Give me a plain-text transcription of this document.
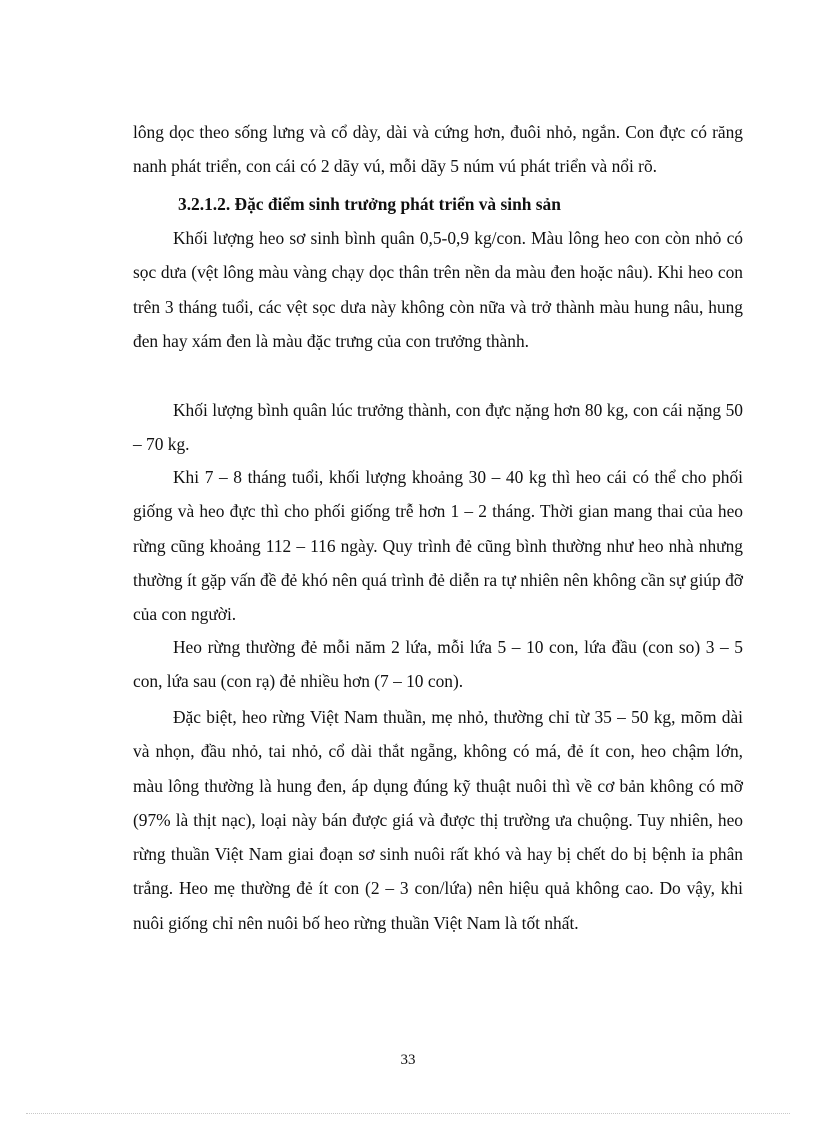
lông dọc theo sống lưng và cổ dày, dài và cứng hơn, đuôi nhỏ, ngắn. Con đực có răng nanh phát triển, con cái có 2 dãy vú, mỗi dãy 5 núm vú phát triển và nổi rõ.

3.2.1.2. Đặc điểm sinh trưởng phát triển và sinh sản

Khối lượng heo sơ sinh bình quân 0,5-0,9 kg/con. Màu lông heo con còn nhỏ có sọc dưa (vệt lông màu vàng chạy dọc thân trên nền da màu đen hoặc nâu). Khi heo con trên 3 tháng tuổi, các vệt sọc dưa này không còn nữa và trở thành màu hung nâu, hung đen hay xám đen là màu đặc trưng của con trưởng thành.

Khối lượng bình quân lúc trưởng thành, con đực nặng hơn 80 kg, con cái nặng 50 – 70 kg.

Khi 7 – 8 tháng tuổi, khối lượng khoảng 30 – 40 kg thì heo cái có thể cho phối giống và heo đực thì cho phối giống trễ hơn 1 – 2 tháng. Thời gian mang thai của heo rừng cũng khoảng 112 – 116 ngày. Quy trình đẻ cũng bình thường như heo nhà nhưng thường ít gặp vấn đề đẻ khó nên quá trình đẻ diễn ra tự nhiên nên không cần sự giúp đỡ của con người.

Heo rừng thường đẻ mỗi năm 2 lứa, mỗi lứa 5 – 10 con, lứa đầu (con so) 3 – 5 con, lứa sau (con rạ) đẻ nhiều hơn (7 – 10 con).

Đặc biệt, heo rừng Việt Nam thuần, mẹ nhỏ, thường chỉ từ 35 – 50 kg, mõm dài và nhọn, đầu nhỏ, tai nhỏ, cổ dài thắt ngẵng, không có má, đẻ ít con, heo chậm lớn, màu lông thường là hung đen, áp dụng đúng kỹ thuật nuôi thì về cơ bản không có mỡ (97% là thịt nạc), loại này bán được giá và được thị trường ưa chuộng. Tuy nhiên, heo rừng thuần Việt Nam giai đoạn sơ sinh nuôi rất khó và hay bị chết do bị bệnh ỉa phân trắng. Heo mẹ thường đẻ ít con (2 – 3 con/lứa) nên hiệu quả không cao. Do vậy, khi nuôi giống chỉ nên nuôi bố heo rừng thuần Việt Nam là tốt nhất.

33
